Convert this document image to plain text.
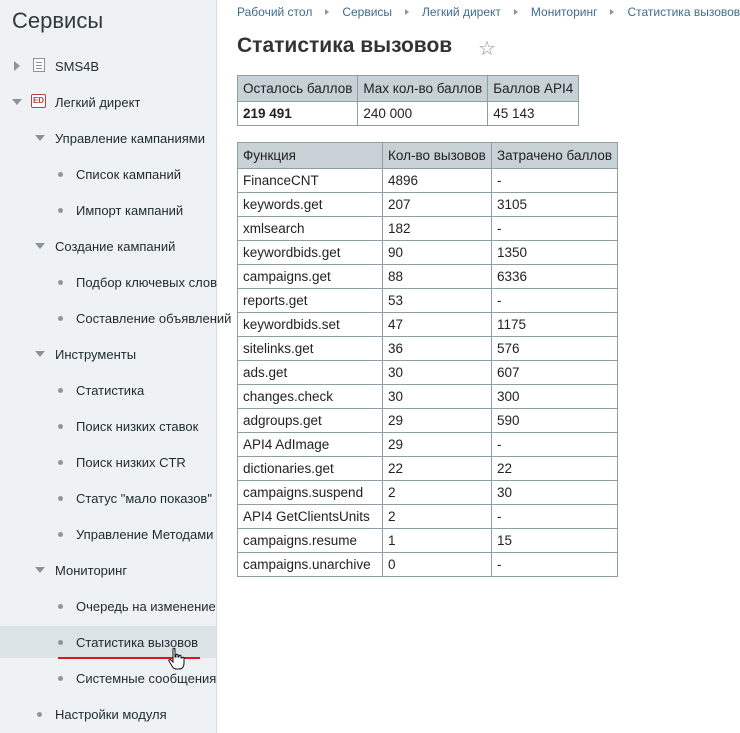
Сервисы
SMS4B
ED Легкий директ
Управление кампаниями
Список кампаний
Импорт кампаний
Создание кампаний
Подбор ключевых слов
Составление объявлений
Инструменты
Статистика
Поиск низких ставок
Поиск низких CTR
Статус "мало показов"
Управление Методами
Мониторинг
Очередь на изменение
Статистика вызовов
Системные сообщения
Настройки модуля
Рабочий стол	Сервисы	Легкий директ	Мониторинг	Статистика вызовов
Статистика вызовов ☆
Осталось баллов	Мах кол-во баллов	Баллов API4
219 491	240 000	45 143
Функция	Кол-во вызовов	Затрачено баллов
FinanceCNT	4896	-
keywords.get	207	3105
xmlsearch	182	-
keywordbids.get	90	1350
campaigns.get	88	6336
reports.get	53	-
keywordbids.set	47	1175
sitelinks.get	36	576
ads.get	30	607
changes.check	30	300
adgroups.get	29	590
API4 AdImage	29	-
dictionaries.get	22	22
campaigns.suspend	2	30
API4 GetClientsUnits	2	-
campaigns.resume	1	15
campaigns.unarchive	0	-
